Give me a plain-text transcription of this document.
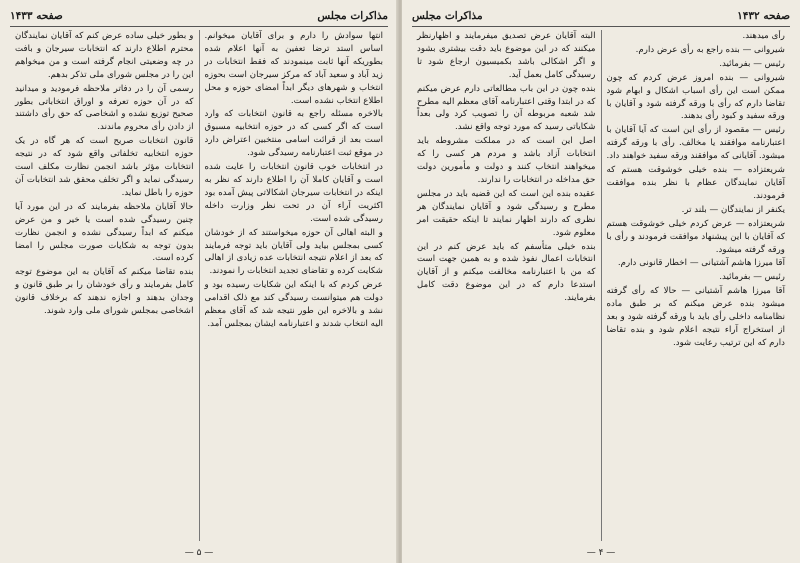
مذاکرات مجلس
صفحه ۱۴۳۳

انتها سوادش را دارم و برای آقایان میخوانم. اساس استد ترضا تعفین به آنها اعلام شده بطوریکه آنها ثابت مینمودند که فقط انتخابات در زید آباد و سعید آباد که مرکز سیرجان است بحوزه انتخاب و شهرهای دیگر ابداً امضای حوزه و محل اطلاع انتخاب نشده است.

بالاخره مسئله راجع به قانون انتخابات که وارد است که اگر کسی که در حوزه انتخابیه مسبوق است بعد از قرائت اسامی منتخبین اعتراض دارد در موقع ثبت اعتبارنامه رسیدگی شود.

در انتخابات خوب قانون انتخابات را عایت شده است و آقایان کاملا آن را اطلاع دارند که نظر به اینکه در انتخابات سیرجان اشکالاتی پیش آمده بود اکثریت آراء آن در تحت نظر وزارت داخله رسیدگی شده است.

و البته اهالی آن حوزه میخواستند که از خودشان کسی بمجلس بیاید ولی آقایان باید توجه فرمایند که بعد از اعلام نتیجه انتخابات عده زیادی از اهالی شکایت کرده و تقاضای تجدید انتخابات را نمودند.

عرض کردم که با اینکه این شکایات رسیده بود و دولت هم میتوانست رسیدگی کند مع ذلک اقدامی نشد و بالاخره این طور نتیجه شد که آقای معظم الیه انتخاب شدند و اعتبارنامه ایشان بمجلس آمد.

و بطور خیلی ساده عرض کنم که آقایان نمایندگان محترم اطلاع دارند که انتخابات سیرجان و بافت در چه وضعیتی انجام گرفته است و من میخواهم این را در مجلس شورای ملی تذکر بدهم.

رسمی آن را در دفاتر ملاحظه فرمودید و میدانید که در آن حوزه تعرفه و اوراق انتخاباتی بطور صحیح توزیع نشده و اشخاصی که حق رأی داشتند از دادن رأی محروم ماندند.

قانون انتخابات صریح است که هر گاه در یک حوزه انتخابیه تخلفاتی واقع شود که در نتیجه انتخابات مؤثر باشد انجمن نظارت مکلف است رسیدگی نماید و اگر تخلف محقق شد انتخابات آن حوزه را باطل نماید.

حالا آقایان ملاحظه بفرمایند که در این مورد آیا چنین رسیدگی شده است یا خیر و من عرض میکنم که ابداً رسیدگی نشده و انجمن نظارت بدون توجه به شکایات صورت مجلس را امضا کرده است.

بنده تقاضا میکنم که آقایان به این موضوع توجه کامل بفرمایند و رأی خودشان را بر طبق قانون و وجدان بدهند و اجازه ندهند که برخلاف قانون اشخاصی بمجلس شورای ملی وارد شوند.

— ۵ —
صفحه ۱۴۳۲
مذاکرات مجلس

رأی میدهند.

شیروانی — بنده راجع به رأی عرض دارم.

رئیس — بفرمائید.

شیروانی — بنده امروز عرض کردم که چون ممکن است این رأی اسباب اشکال و ابهام شود تقاضا دارم که رأی با ورقه گرفته شود و آقایان با ورقه سفید و کبود رأی بدهند.

رئیس — مقصود از رأی این است که آیا آقایان با اعتبارنامه موافقند یا مخالف. رأی با ورقه گرفته میشود. آقایانی که موافقند ورقه سفید خواهند داد.

شریعتزاده — بنده خیلی خوشوقت هستم که آقایان نمایندگان عظام با نظر بنده موافقت فرمودند.

یکنفر از نمایندگان — بلند تر.

شریعتزاده — عرض کردم خیلی خوشوقت هستم که آقایان با این پیشنهاد موافقت فرمودند و رأی با ورقه گرفته میشود.

آقا میرزا هاشم آشتیانی — اخطار قانونی دارم.

رئیس — بفرمائید.

آقا میرزا هاشم آشتیانی — حالا که رأی گرفته میشود بنده عرض میکنم که بر طبق ماده نظامنامه داخلی رأی باید با ورقه گرفته شود و بعد از استخراج آراء نتیجه اعلام شود و بنده تقاضا دارم که این ترتیب رعایت شود.

البته آقایان عرض تصدیق میفرمایند و اظهارنظر میکنند که در این موضوع باید دقت بیشتری بشود و اگر اشکالی باشد بکمیسیون ارجاع شود تا رسیدگی کامل بعمل آید.

بنده چون در این باب مطالعاتی دارم عرض میکنم که در ابتدا وقتی اعتبارنامه آقای معظم الیه مطرح شد شعبه مربوطه آن را تصویب کرد ولی بعداً شکایاتی رسید که مورد توجه واقع نشد.

اصل این است که در مملکت مشروطه باید انتخابات آزاد باشد و مردم هر کسی را که میخواهند انتخاب کنند و دولت و مأمورین دولت حق مداخله در انتخابات را ندارند.

عقیده بنده این است که این قضیه باید در مجلس مطرح و رسیدگی شود و آقایان نمایندگان هر نظری که دارند اظهار نمایند تا اینکه حقیقت امر معلوم شود.

بنده خیلی متأسفم که باید عرض کنم در این انتخابات اعمال نفوذ شده و به همین جهت است که من با اعتبارنامه مخالفت میکنم و از آقایان استدعا دارم که در این موضوع دقت کامل بفرمایند.

— ۴ —
